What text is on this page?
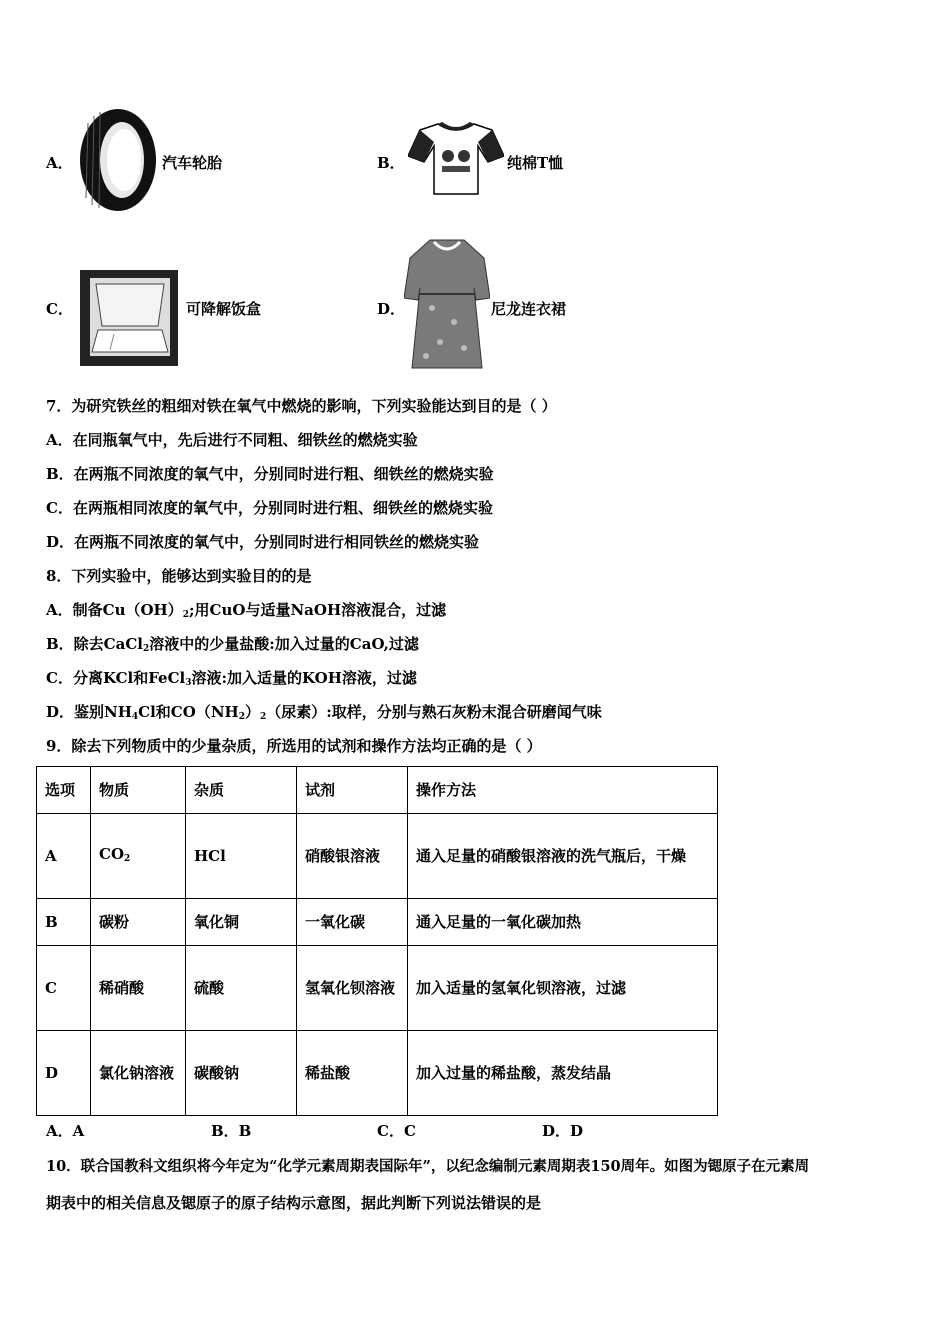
A．	汽车轮胎	B．	纯棉T恤
C．	可降解饭盒	D．	尼龙连衣裙
7．为研究铁丝的粗细对铁在氧气中燃烧的影响，下列实验能达到目的是（ ）
A．在同瓶氧气中，先后进行不同粗、细铁丝的燃烧实验
B．在两瓶不同浓度的氧气中，分别同时进行粗、细铁丝的燃烧实验
C．在两瓶相同浓度的氧气中，分别同时进行粗、细铁丝的燃烧实验
D．在两瓶不同浓度的氧气中，分别同时进行相同铁丝的燃烧实验
8．下列实验中，能够达到实验目的的是
A．制备$Cu(OH)_2$;用CuO与适量NaOH溶液混合，过滤
B．除去CaCl$_2$溶液中的少量盐酸:加入过量的CaO,过滤
C．分离KCl和FeCl$_3$溶液:加入适量的KOH溶液，过滤
D．鉴别$NH_4Cl$和$CO(NH_2)_2$（尿素）:取样，分别与熟石灰粉末混合研磨闻气味
9．除去下列物质中的少量杂质，所选用的试剂和操作方法均正确的是（ ）
选项	物质	杂质	试剂	操作方法
A	$CO_2$	HCl	硝酸银溶液	通入足量的硝酸银溶液的洗气瓶后，干燥
B	碳粉	氧化铜	一氧化碳	通入足量的一氧化碳加热
C	稀硝酸	硫酸	氢氧化钡溶液	加入适量的氢氧化钡溶液，过滤
D	氯化钠溶液	碳酸钠	稀盐酸	加入过量的稀盐酸，蒸发结晶
A．A	B．B	C．C	D．D
10．联合国教科文组织将今年定为“化学元素周期表国际年”，以纪念编制元素周期表150周年。如图为锶原子在元素周
期表中的相关信息及锶原子的原子结构示意图，据此判断下列说法错误的是
